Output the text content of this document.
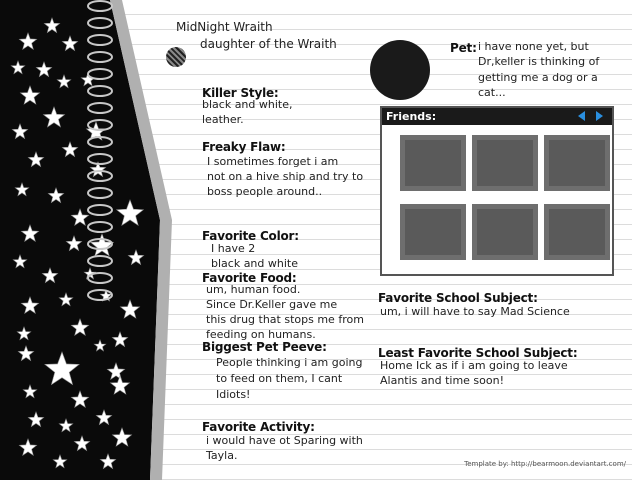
MidNight Wraith
daughter of the Wraith	Pet: i have none yet, but
Dr,keller is thinking of
getting me a dog or a
cat...
Friends:
Killer Style:
black and white,
leather.
Freaky Flaw:
I sometimes forget i am
not on a hive ship and try to
boss people around..
Favorite Color:
I have 2
black and white
Favorite Food:
um, human food.
Since Dr.Keller gave me
this drug that stops me from
feeding on humans.
Biggest Pet Peeve:
People thinking i am going
to feed on them, I cant
Idiots!
Favorite Activity:
i would have ot Sparing with
Tayla.
Favorite School Subject:
um, i will have to say Mad Science
Least Favorite School Subject:
Home Ick as if i am going to leave
Alantis and time soon!
Template by: http://bearmoon.deviantart.com/
